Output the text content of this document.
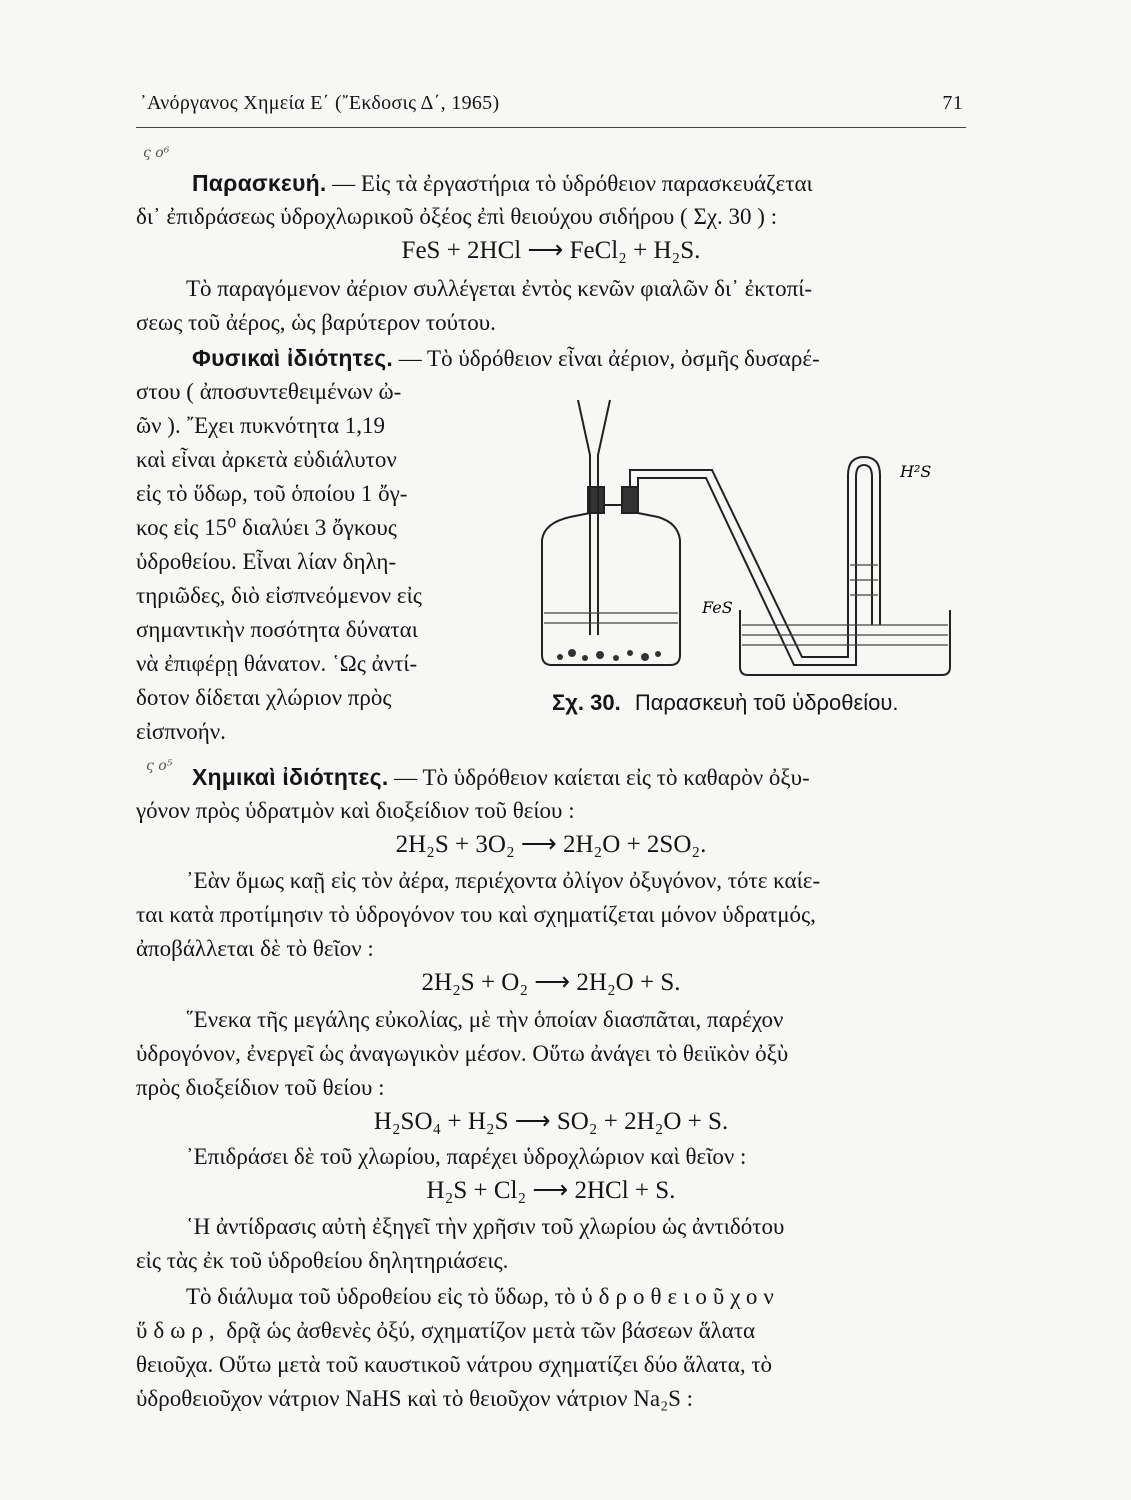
᾿Ανόργανος Χημεία Ε΄ (῎Εκδοσις Δ΄, 1965)	71
ς ο⁶
ς ο⁵

Παρασκευή. — Εἰς τὰ ἐργαστήρια τὸ ὑδρόθειον παρασκευάζεται

δι᾿ ἐπιδράσεως ὑδροχλωρικοῦ ὀξέος ἐπὶ θειούχου σιδήρου ( Σχ. 30 ) :

FeS + 2HCl ⟶ FeCl₂ + H₂S.

Τὸ παραγόμενον ἀέριον συλλέγεται ἐντὸς κενῶν φιαλῶν δι᾿ ἐκτοπί-

σεως τοῦ ἀέρος, ὡς βαρύτερον τούτου.

Φυσικαὶ ἰδιότητες. — Τὸ ὑδρόθειον εἶναι ἀέριον, ὀσμῆς δυσαρέ-

στου ( ἀποσυντεθειμένων ὠ-

ῶν ). ῎Εχει πυκνότητα 1,19

καὶ εἶναι ἀρκετὰ εὐδιάλυτον

εἰς τὸ ὕδωρ, τοῦ ὁποίου 1 ὄγ-

κος εἰς 15⁰ διαλύει 3 ὄγκους

ὑδροθείου. Εἶναι λίαν δηλη-

τηριῶδες, διὸ εἰσπνεόμενον εἰς

σημαντικὴν ποσότητα δύναται

νὰ ἐπιφέρῃ θάνατον. ῾Ως ἀντί-

δοτον δίδεται χλώριον πρὸς

εἰσπνοήν.

FeS
H²S
Σχ. 30. Παρασκευὴ τοῦ ὑδροθείου.

Χημικαὶ ἰδιότητες. — Τὸ ὑδρόθειον καίεται εἰς τὸ καθαρὸν ὀξυ-

γόνον πρὸς ὑδρατμὸν καὶ διοξείδιον τοῦ θείου :

2H₂S + 3O₂ ⟶ 2H₂O + 2SO₂.

᾿Εὰν ὅμως καῇ εἰς τὸν ἀέρα, περιέχοντα ὀλίγον ὀξυγόνον, τότε καίε-

ται κατὰ προτίμησιν τὸ ὑδρογόνον του καὶ σχηματίζεται μόνον ὑδρατμός,

ἀποβάλλεται δὲ τὸ θεῖον :

2H₂S + O₂ ⟶ 2H₂O + S.

῞Ενεκα τῆς μεγάλης εὐκολίας, μὲ τὴν ὁποίαν διασπᾶται, παρέχον

ὑδρογόνον, ἐνεργεῖ ὡς ἀναγωγικὸν μέσον. Οὕτω ἀνάγει τὸ θειϊκὸν ὀξὺ

πρὸς διοξείδιον τοῦ θείου :

H₂SO₄ + H₂S ⟶ SO₂ + 2H₂O + S.

᾿Επιδράσει δὲ τοῦ χλωρίου, παρέχει ὑδροχλώριον καὶ θεῖον :

H₂S + Cl₂ ⟶ 2HCl + S.

῾Η ἀντίδρασις αὐτὴ ἐξηγεῖ τὴν χρῆσιν τοῦ χλωρίου ὡς ἀντιδότου

εἰς τὰς ἐκ τοῦ ὑδροθείου δηλητηριάσεις.

Τὸ διάλυμα τοῦ ὑδροθείου εἰς τὸ ὕδωρ, τὸ ὑδροθειοῦχον

ὕδωρ, δρᾷ ὡς ἀσθενὲς ὀξύ, σχηματίζον μετὰ τῶν βάσεων ἅλατα

θειοῦχα. Οὕτω μετὰ τοῦ καυστικοῦ νάτρου σχηματίζει δύο ἅλατα, τὸ

ὑδροθειοῦχον νάτριον NaHS καὶ τὸ θειοῦχον νάτριον Na₂S :
